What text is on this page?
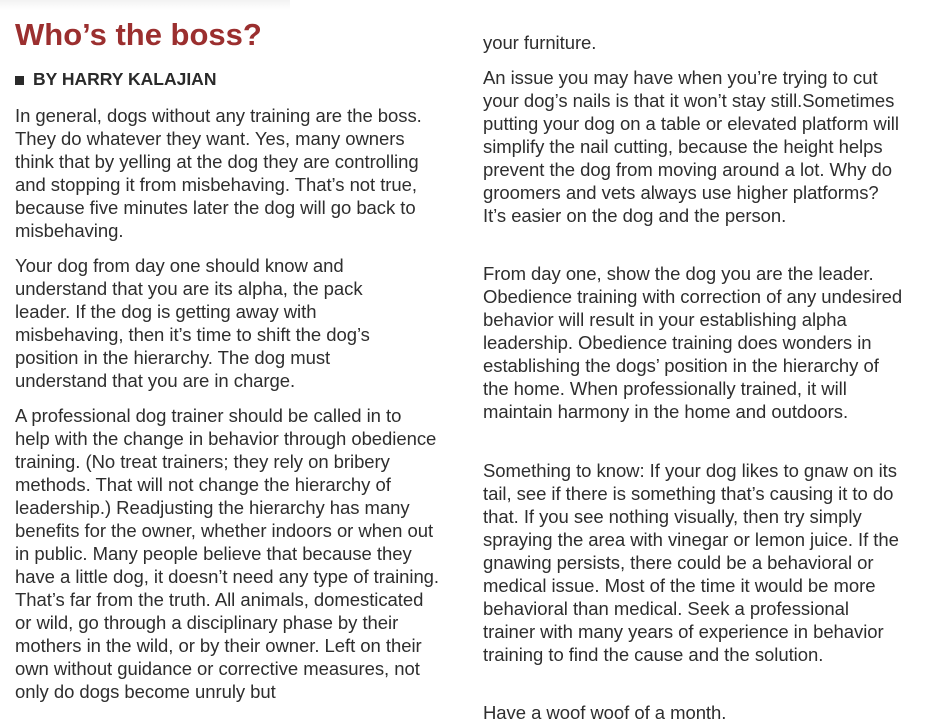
Who’s the boss?
BY HARRY KALAJIAN

In general, dogs without any training are the boss. They do whatever they want. Yes, many owners think that by yelling at the dog they are controlling and stopping it from misbehaving. That’s not true, because five minutes later the dog will go back to misbehaving.

Your dog from day one should know and understand that you are its alpha, the pack leader. If the dog is getting away with misbehaving, then it’s time to shift the dog’s position in the hierarchy. The dog must understand that you are in charge.

A professional dog trainer should be called in to help with the change in behavior through obedience training. (No treat trainers; they rely on bribery methods. That will not change the hierarchy of leadership.) Readjusting the hierarchy has many benefits for the owner, whether indoors or when out in public. Many people believe that because they have a little dog, it doesn’t need any type of training. That’s far from the truth. All animals, domesticated or wild, go through a disciplinary phase by their mothers in the wild, or by their owner. Left on their own without guidance or corrective measures, not only do dogs become unruly but

your furniture.

An issue you may have when you’re trying to cut your dog’s nails is that it won’t stay still.Sometimes putting your dog on a table or elevated platform will simplify the nail cutting, because the height helps prevent the dog from moving around a lot. Why do groomers and vets always use higher platforms? It’s easier on the dog and the person.

From day one, show the dog you are the leader. Obedience training with correction of any undesired behavior will result in your establishing alpha leadership. Obedience training does wonders in establishing the dogs’ position in the hierarchy of the home. When professionally trained, it will maintain harmony in the home and outdoors.

Something to know: If your dog likes to gnaw on its tail, see if there is something that’s causing it to do that. If you see nothing visually, then try simply spraying the area with vinegar or lemon juice. If the gnawing persists, there could be a behavioral or medical issue. Most of the time it would be more behavioral than medical. Seek a professional trainer with many years of experience in behavior training to find the cause and the solution.

Have a woof woof of a month.
